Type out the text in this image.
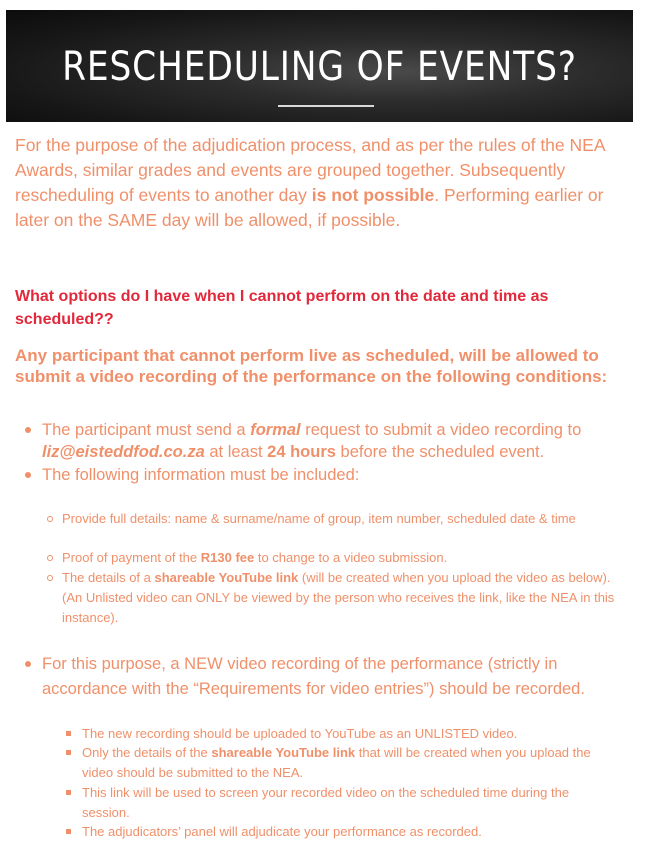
RESCHEDULING OF EVENTS?

For the purpose of the adjudication process, and as per the rules of the NEA Awards, similar grades and events are grouped together. Subsequently rescheduling of events to another day is not possible. Performing earlier or later on the SAME day will be allowed, if possible.

What options do I have when I cannot perform on the date and time as scheduled??

Any participant that cannot perform live as scheduled, will be allowed to submit a video recording of the performance on the following conditions:

The participant must send a formal request to submit a video recording to liz@eisteddfod.co.za at least 24 hours before the scheduled event.
The following information must be included:
Provide full details: name & surname/name of group, item number, scheduled date & time
Proof of payment of the R130 fee to change to a video submission.
The details of a shareable YouTube link (will be created when you upload the video as below). (An Unlisted video can ONLY be viewed by the person who receives the link, like the NEA in this instance).
For this purpose, a NEW video recording of the performance (strictly in accordance with the “Requirements for video entries”) should be recorded.
The new recording should be uploaded to YouTube as an UNLISTED video.
Only the details of the shareable YouTube link that will be created when you upload the video should be submitted to the NEA.
This link will be used to screen your recorded video on the scheduled time during the session.
The adjudicators’ panel will adjudicate your performance as recorded.
